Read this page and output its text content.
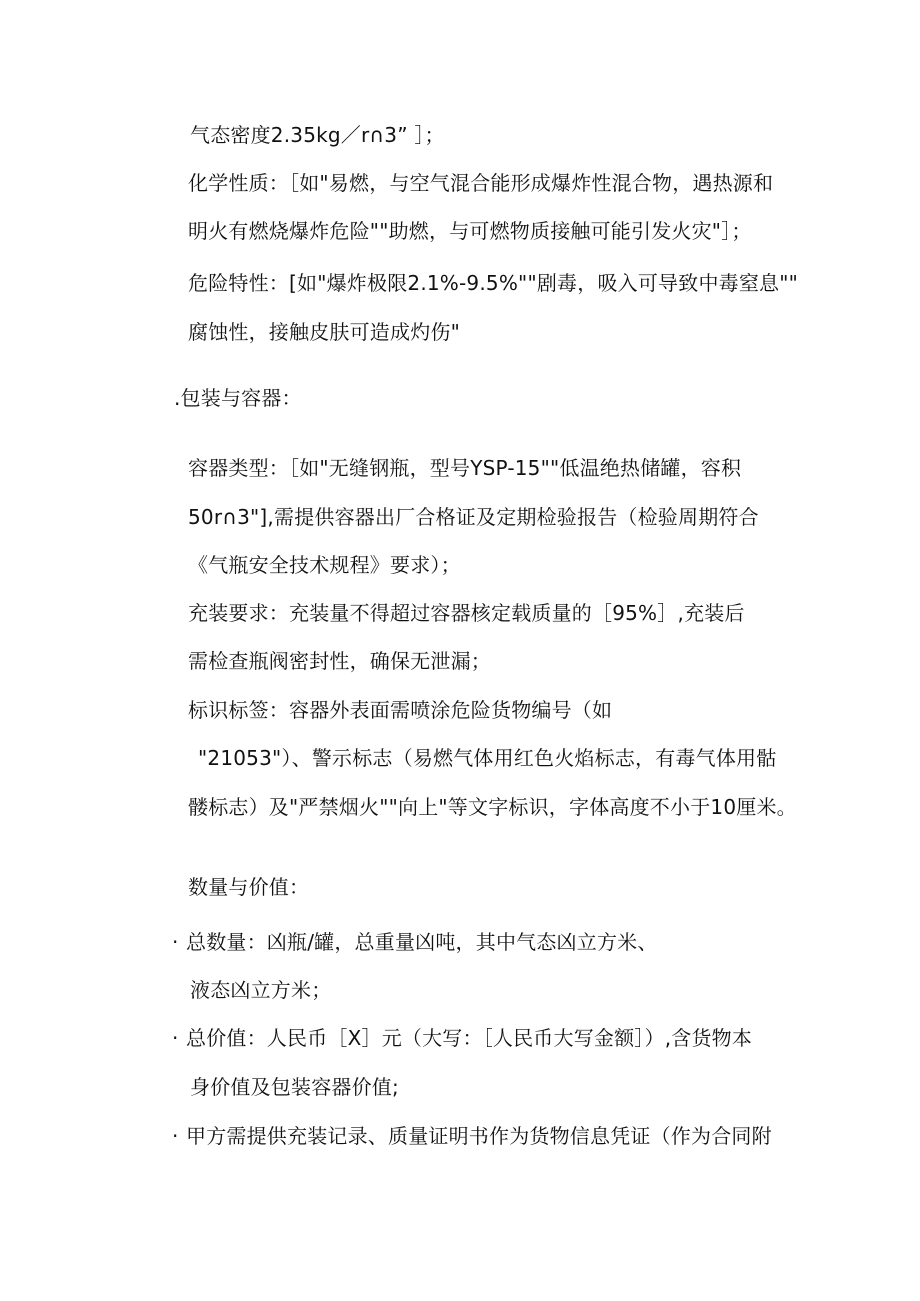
气态密度2.35kg／r∩3” ］；
化学性质：［如"易燃，与空气混合能形成爆炸性混合物，遇热源和
明火有燃烧爆炸危险""助燃，与可燃物质接触可能引发火灾"］；
危险特性：[如"爆炸极限2.1%-9.5%""剧毒，吸入可导致中毒窒息""
腐蚀性，接触皮肤可造成灼伤"
.包装与容器：
容器类型：［如"无缝钢瓶，型号YSP-15""低温绝热储罐，容积
50r∩3"],需提供容器出厂合格证及定期检验报告（检验周期符合
《气瓶安全技术规程》要求）；
充装要求：充装量不得超过容器核定载质量的［95%］,充装后
需检查瓶阀密封性，确保无泄漏；
标识标签：容器外表面需喷涂危险货物编号（如
"21053"）、警示标志（易燃气体用红色火焰标志，有毒气体用骷
髅标志）及"严禁烟火""向上"等文字标识，字体高度不小于10厘米。
数量与价值：
· 总数量：凶瓶/罐，总重量凶吨，其中气态凶立方米、
液态凶立方米；
· 总价值：人民币［X］元（大写：［人民币大写金额］）,含货物本
身价值及包装容器价值;
· 甲方需提供充装记录、质量证明书作为货物信息凭证（作为合同附
